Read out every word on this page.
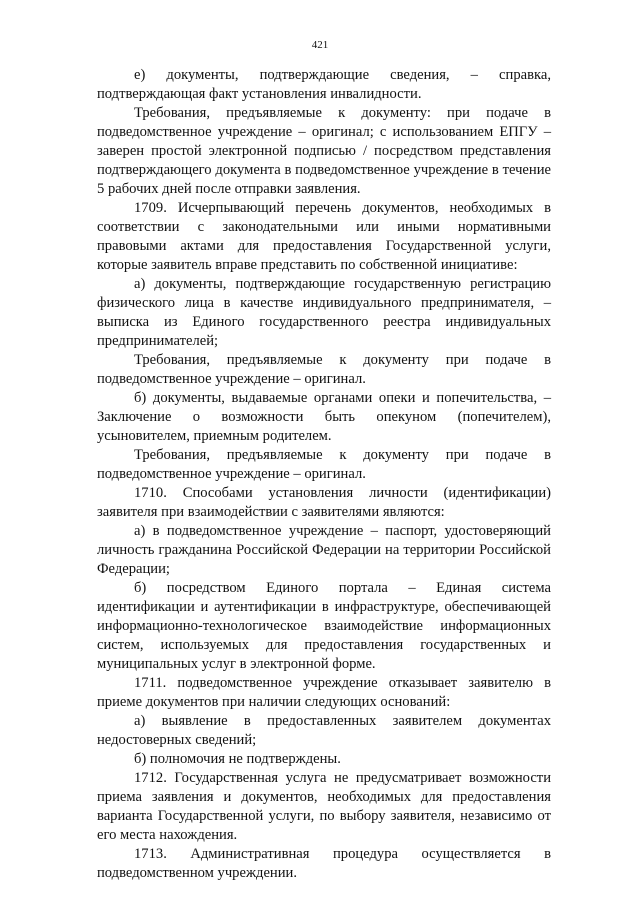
421

е) документы, подтверждающие сведения, – справка, подтверждающая факт установления инвалидности.

Требования, предъявляемые к документу: при подаче в подведомственное учреждение – оригинал; с использованием ЕПГУ – заверен простой электронной подписью / посредством представления подтверждающего документа в подведомственное учреждение в течение 5 рабочих дней после отправки заявления.

1709. Исчерпывающий перечень документов, необходимых в соответствии с законодательными или иными нормативными правовыми актами для предоставления Государственной услуги, которые заявитель вправе представить по собственной инициативе:

а) документы, подтверждающие государственную регистрацию физического лица в качестве индивидуального предпринимателя, – выписка из Единого государственного реестра индивидуальных предпринимателей;

Требования, предъявляемые к документу при подаче в подведомственное учреждение – оригинал.

б) документы, выдаваемые органами опеки и попечительства, – Заключение о возможности быть опекуном (попечителем), усыновителем, приемным родителем.

Требования, предъявляемые к документу при подаче в подведомственное учреждение – оригинал.

1710. Способами установления личности (идентификации) заявителя при взаимодействии с заявителями являются:

а) в подведомственное учреждение – паспорт, удостоверяющий личность гражданина Российской Федерации на территории Российской Федерации;

б) посредством Единого портала – Единая система идентификации и аутентификации в инфраструктуре, обеспечивающей информационно-технологическое взаимодействие информационных систем, используемых для предоставления государственных и муниципальных услуг в электронной форме.

1711. подведомственное учреждение отказывает заявителю в приеме документов при наличии следующих оснований:

а) выявление в предоставленных заявителем документах недостоверных сведений;

б) полномочия не подтверждены.

1712. Государственная услуга не предусматривает возможности приема заявления и документов, необходимых для предоставления варианта Государственной услуги, по выбору заявителя, независимо от его места нахождения.

1713. Административная процедура осуществляется в подведомственном учреждении.
